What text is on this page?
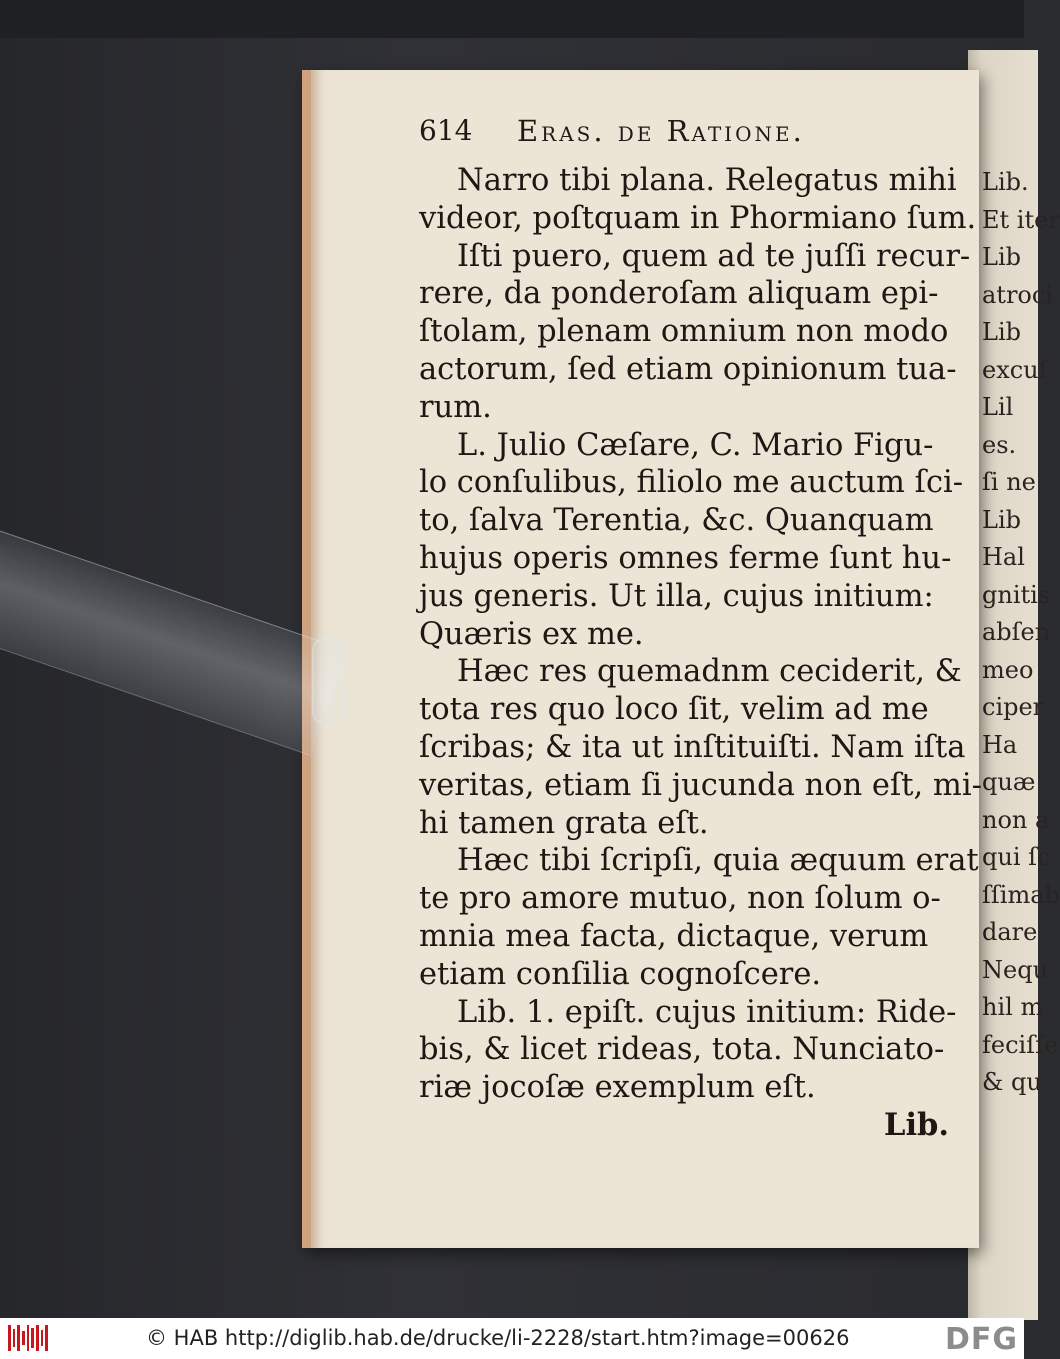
Lib.
Et iter
Lib
atroci
Lib
excuſ
Lil
es.
ſi ne
Lib
Hal
gnitis
abſen
meo
ciper
Ha
quæ
non a
qui ſc
ſſimab
dare
Nequ
hil m
feciſſe
& qu
614 Eras. de Ratione.
Narro tibi plana. Relegatus mihi
videor, poſtquam in Phormiano ſum.
Iſti puero, quem ad te juſſi recur-
rere, da ponderoſam aliquam epi-
ſtolam, plenam omnium non modo
actorum, ſed etiam opinionum tua-
rum.
L. Julio Cæſare, C. Mario Figu-
lo conſulibus, filiolo me auctum ſci-
to, ſalva Terentia, &c. Quanquam
hujus operis omnes ferme ſunt hu-
jus generis. Ut illa, cujus initium:
Quæris ex me.
Hæc res quemadnm ceciderit, &
tota res quo loco ſit, velim ad me
ſcribas; & ita ut inſtituiſti. Nam iſta
veritas, etiam ſi jucunda non eſt, mi-
hi tamen grata eſt.
Hæc tibi ſcripſi, quia æquum erat
te pro amore mutuo, non ſolum o-
mnia mea facta, dictaque, verum
etiam conſilia cognoſcere.
Lib. 1. epiſt. cujus initium: Ride-
bis, & licet rideas, tota. Nunciato-
riæ jocoſæ exemplum eſt.
Lib.
© HAB http://diglib.hab.de/drucke/li-2228/start.htm?image=00626	DFG
